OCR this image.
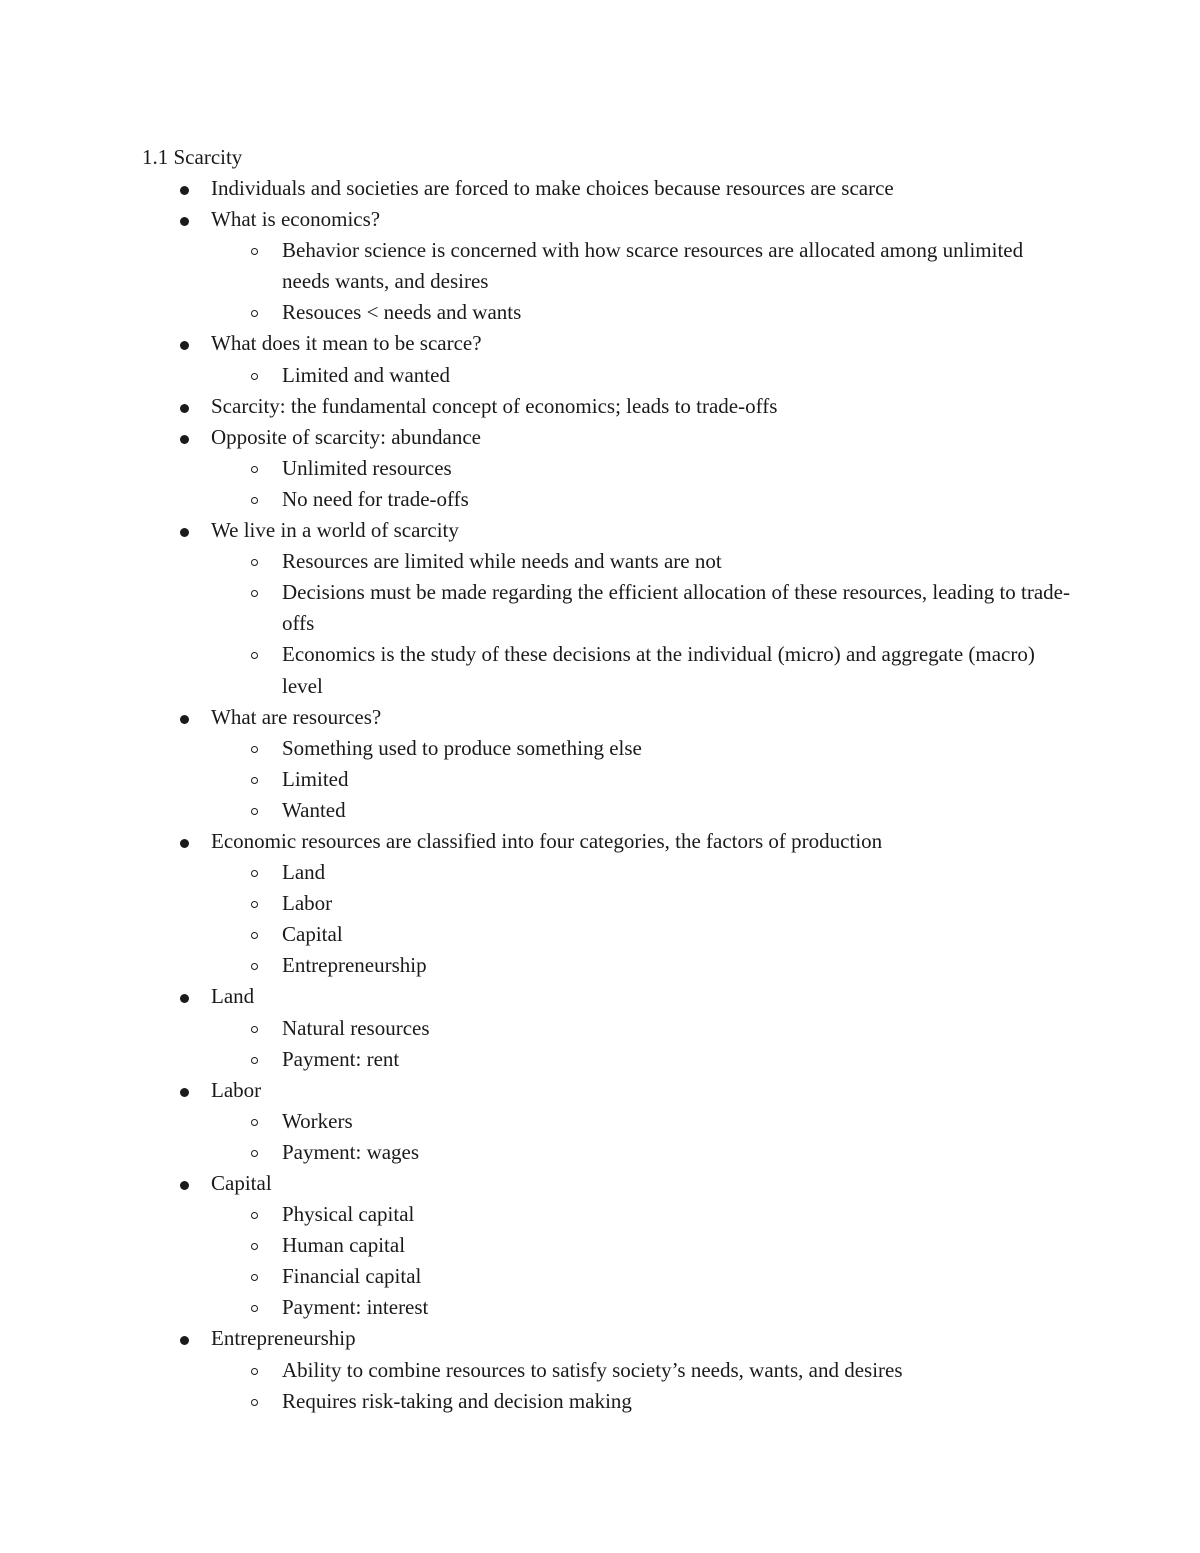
1.1 Scarcity
Individuals and societies are forced to make choices because resources are scarce
What is economics?
Behavior science is concerned with how scarce resources are allocated among unlimited needs wants, and desires
Resouces < needs and wants
What does it mean to be scarce?
Limited and wanted
Scarcity: the fundamental concept of economics; leads to trade-offs
Opposite of scarcity: abundance
Unlimited resources
No need for trade-offs
We live in a world of scarcity
Resources are limited while needs and wants are not
Decisions must be made regarding the efficient allocation of these resources, leading to trade-offs
Economics is the study of these decisions at the individual (micro) and aggregate (macro) level
What are resources?
Something used to produce something else
Limited
Wanted
Economic resources are classified into four categories, the factors of production
Land
Labor
Capital
Entrepreneurship
Land
Natural resources
Payment: rent
Labor
Workers
Payment: wages
Capital
Physical capital
Human capital
Financial capital
Payment: interest
Entrepreneurship
Ability to combine resources to satisfy society’s needs, wants, and desires
Requires risk-taking and decision making
